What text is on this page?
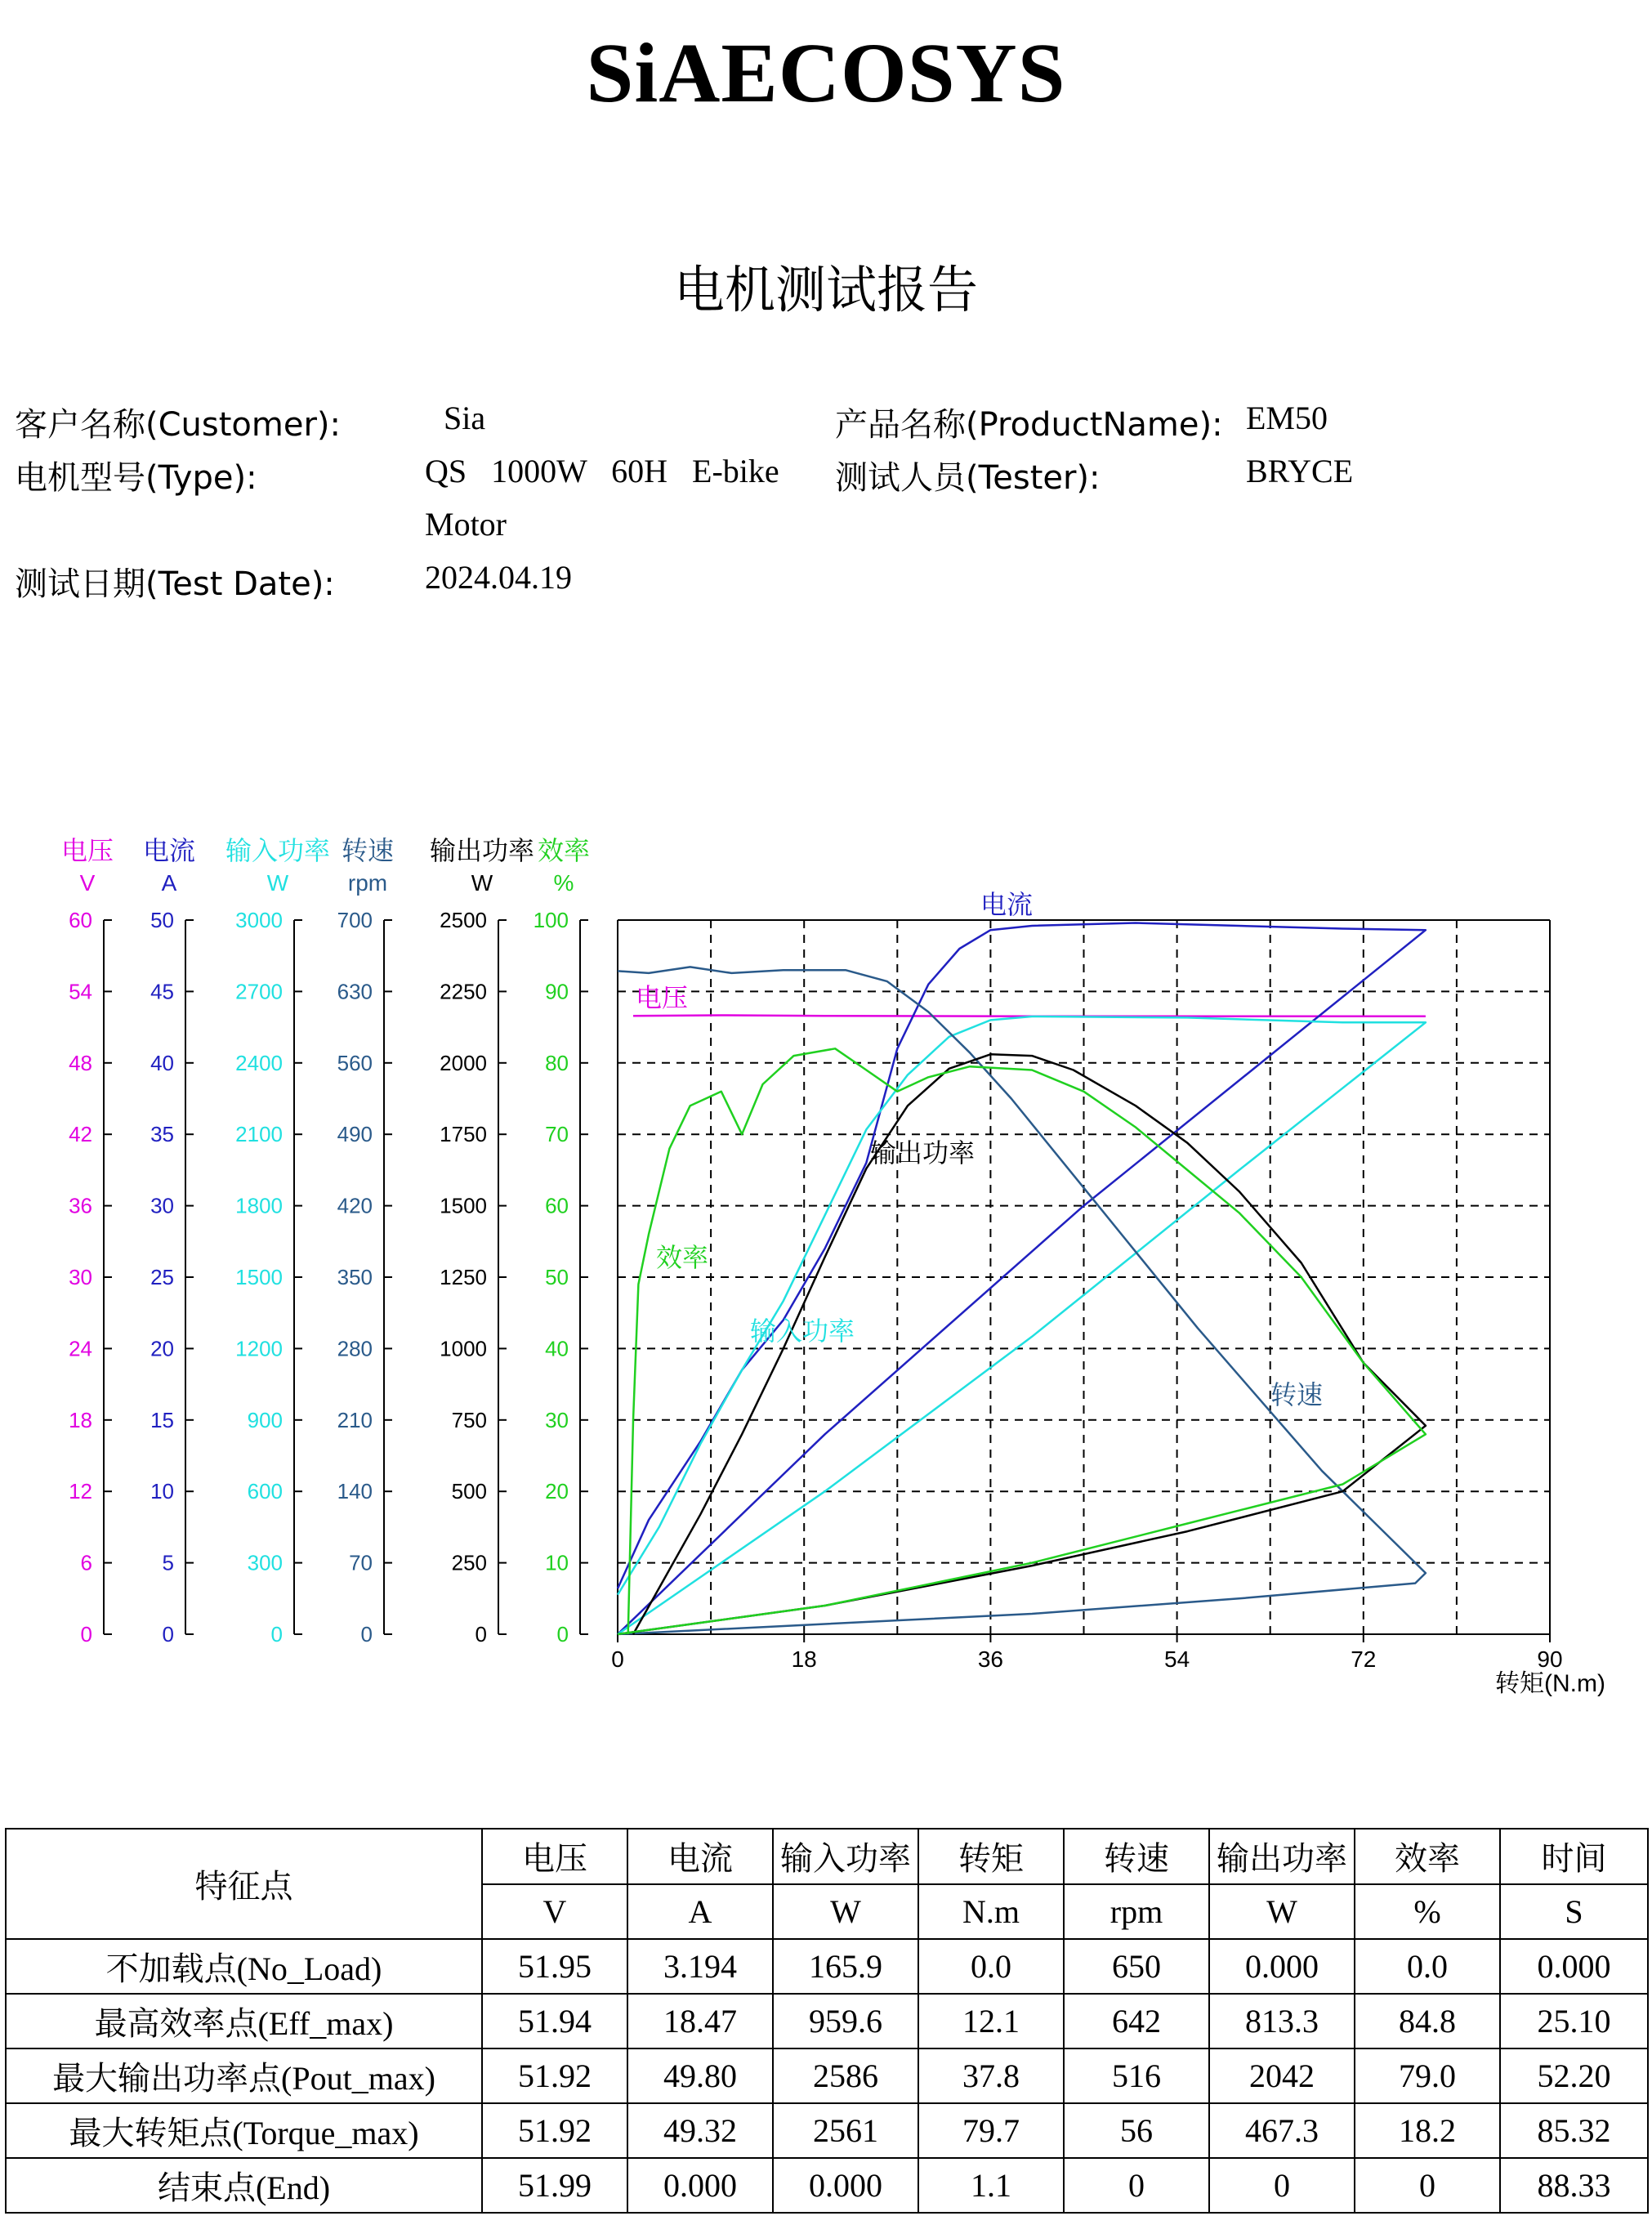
SiAECOSYS
电机测试报告
客户名称(Customer):	Sia	产品名称(ProductName): EM50
电机型号(Type):	QS   1000W   60H   E-bike
Motor
测试人员(Tester):	BRYCE
测试日期(Test Date):	2024.04.19
0	18	36	54	72	90
转矩(N.m)
0
6
12
18
24
30
36
42
48
54
60
电压
V
0
5
10
15
20
25
30
35
40
45
50
电流
A
0
300
600
900
1200
1500
1800
2100
2400
2700
3000
输入功率
W
0
70
140
210
280
350
420
490
560
630
700
转速
rpm
0
250
500
750
1000
1250
1500
1750
2000
2250
2500
输出功率
W
0
10
20
30
40
50
60
70
80
90
100
效率
%
电流
电压
输出功率
效率
输入功率
转速
特征点	电压	电流	输入功率	转矩	转速	输出功率	效率	时间
	V	A	W	N.m	rpm	W	%	S
不加载点(No_Load)	51.95	3.194	165.9	0.0	650	0.000	0.0	0.000
最高效率点(Eff_max)	51.94	18.47	959.6	12.1	642	813.3	84.8	25.10
最大输出功率点(Pout_max)	51.92	49.80	2586	37.8	516	2042	79.0	52.20
最大转矩点(Torque_max)	51.92	49.32	2561	79.7	56	467.3	18.2	85.32
结束点(End)	51.99	0.000	0.000	1.1	0	0	0	88.33
